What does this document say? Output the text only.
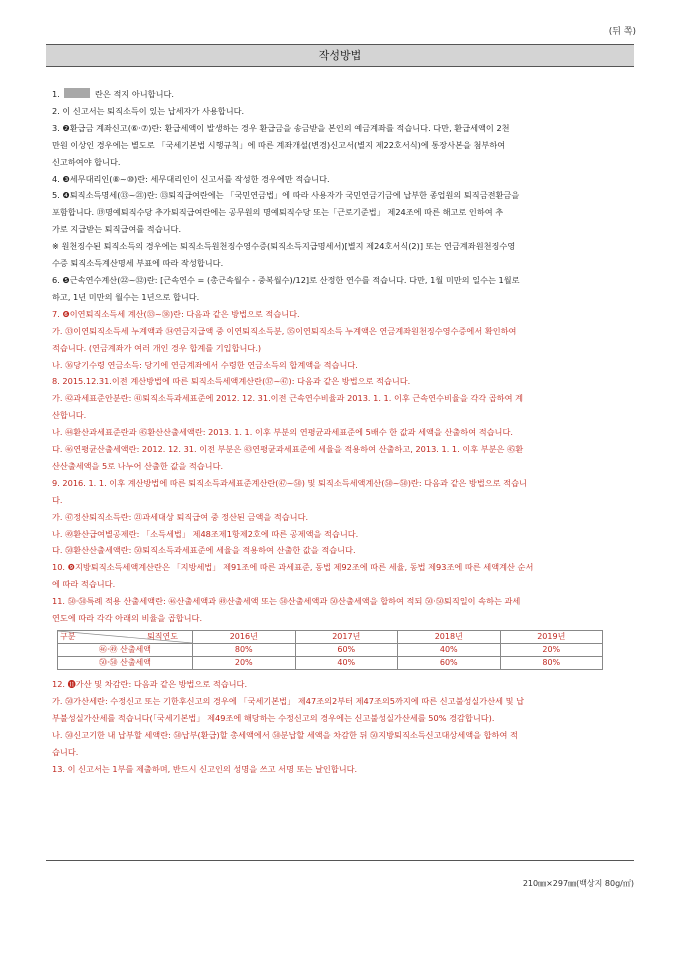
(뒤 쪽)
작성방법
1.	란은 적지 아니합니다.
2. 이 신고서는 퇴직소득이 있는 납세자가 사용합니다.
3. ❷환급금 계좌신고(⑥·⑦)란: 환급세액이 발생하는 경우 환급금을 송금받을 본인의 예금계좌를 적습니다. 다만, 환급세액이 2천
만원 이상인 경우에는 별도로 「국세기본법 시행규칙」에 따른 계좌개설(변경)신고서(별지 제22호서식)에 통장사본을 첨부하여
신고하여야 합니다.
4. ❸세무대리인(⑧~⑩)란: 세무대리인이 신고서를 작성한 경우에만 적습니다.
5. ❹퇴직소득명세(⑬~㉑)란: ⑬퇴직급여란에는 「국민연금법」에 따라 사용자가 국민연금기금에 납부한 종업원의 퇴직금전환금을
포함합니다. ⑲명예퇴직수당 추가퇴직급여란에는 공무원의 명예퇴직수당 또는「근로기준법」 제24조에 따른 해고로 인하여 추
가로 지급받는 퇴직급여를 적습니다.
※ 원천징수된 퇴직소득의 경우에는 퇴직소득원천징수영수증(퇴직소득지급명세서)[별지 제24호서식(2)] 또는 연금계좌원천징수영
수증 퇴직소득계산명세 부표에 따라 작성합니다.
6. ❺근속연수계산(㉒~㉜)란: [근속연수 = (총근속월수 - 중복월수)/12]로 산정한 연수를 적습니다. 다만, 1월 미만의 일수는 1월로
하고, 1년 미만의 월수는 1년으로 합니다.
7. ❻이연퇴직소득세 계산(㉝~㊳)란: 다음과 같은 방법으로 적습니다.
가. ㉝이연퇴직소득세 누계액과 ㉞연금지급액 중 이연퇴직소득분, ㉟이연퇴직소득 누계액은 연금계좌원천징수영수증에서 확인하여
적습니다. (연금계좌가 여러 개인 경우 합계를 기입합니다.)
나. ㊱당기수령 연금소득: 당기에 연금계좌에서 수령한 연금소득의 합계액을 적습니다.
8. 2015.12.31.이전 계산방법에 따른 퇴직소득세액계산란(㊲~㊼): 다음과 같은 방법으로 적습니다.
가. ㊷과세표준안분란: ㊶퇴직소득과세표준에 2012. 12. 31.이전 근속연수비율과 2013. 1. 1. 이후 근속연수비율을 각각 곱하여 계
산합니다.
나. ㊹환산과세표준란과 ㊺환산산출세액란: 2013. 1. 1. 이후 부분의 연평균과세표준에 5배수 한 값과 세액을 산출하여 적습니다.
다. ㊻연평균산출세액란: 2012. 12. 31. 이전 부분은 ㊸연평균과세표준에 세율을 적용하여 산출하고, 2013. 1. 1. 이후 부분은 ㊺환
산산출세액을 5로 나누어 산출한 값을 적습니다.
9. 2016. 1. 1. 이후 계산방법에 따른 퇴직소득과세표준계산란(㊼~㊿) 및 퇴직소득세액계산(㊿~㊿)란: 다음과 같은 방법으로 적습니
다.
가. ㊼정산퇴직소득란: ㉑과세대상 퇴직급여 중 정산된 금액을 적습니다.
나. ㊾환산급여별공제란: 「소득세법」 제48조제1항제2호에 따른 공제액을 적습니다.
다. ㊿환산산출세액란: ㊿퇴직소득과세표준에 세율을 적용하여 산출한 값을 적습니다.
10. ❾지방퇴직소득세액계산란은 「지방세법」 제91조에 따른 과세표준, 동법 제92조에 따른 세율, 동법 제93조에 따른 세액계산 순서
에 따라 적습니다.
11. ㊿·㊿특례 적용 산출세액란: ㊻산출세액과 ㊾산출세액 또는 ㊿산출세액과 ㊿산출세액을 합하여 적되 ㊿·㊿퇴직일이 속하는 과세
연도에 따라 각각 아래의 비율을 곱합니다.
구분 퇴직연도	2016년	2017년	2018년	2019년
㊻·㊾ 산출세액	80%	60%	40%	20%
㊿·㊿ 산출세액	20%	40%	60%	80%
12. ⓫가산 및 차감란: 다음과 같은 방법으로 적습니다.
가. ㊿가산세란: 수정신고 또는 기한후신고의 경우에 「국세기본법」 제47조의2부터 제47조의5까지에 따른 신고불성실가산세 및 납
부불성실가산세를 적습니다(「국세기본법」 제49조에 해당하는 수정신고의 경우에는 신고불성실가산세를 50% 경감합니다).
나. ㊿신고기한 내 납부할 세액란: ㊿납부(환급)할 총세액에서 ㊿분납할 세액을 차감한 뒤 ㊿지방퇴직소득신고대상세액을 합하여 적
습니다.
13. 이 신고서는 1부를 제출하며, 반드시 신고인의 성명을 쓰고 서명 또는 날인합니다.
210㎜×297㎜(백상지 80g/㎡)
